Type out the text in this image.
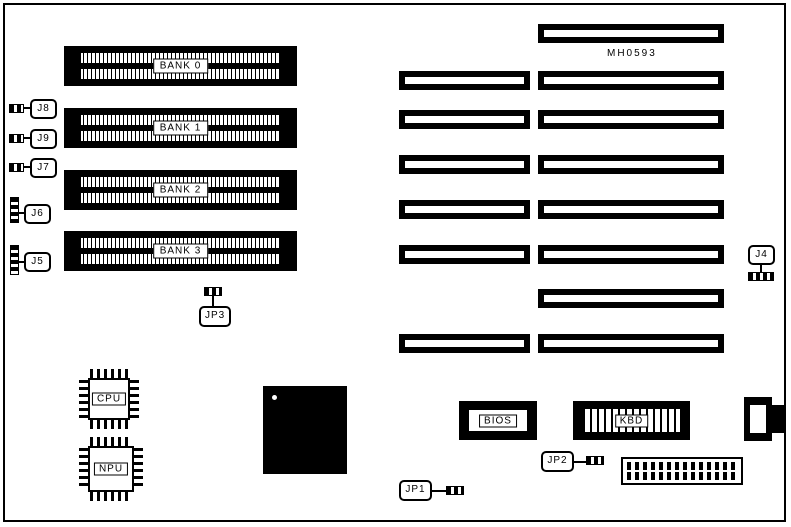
MH0593
BANK 0
BANK 1
BANK 2
BANK 3
J8
J9
J7
J6
J5
J4
JP3
JP1
JP2
CPU
NPU
BIOS	KBD
